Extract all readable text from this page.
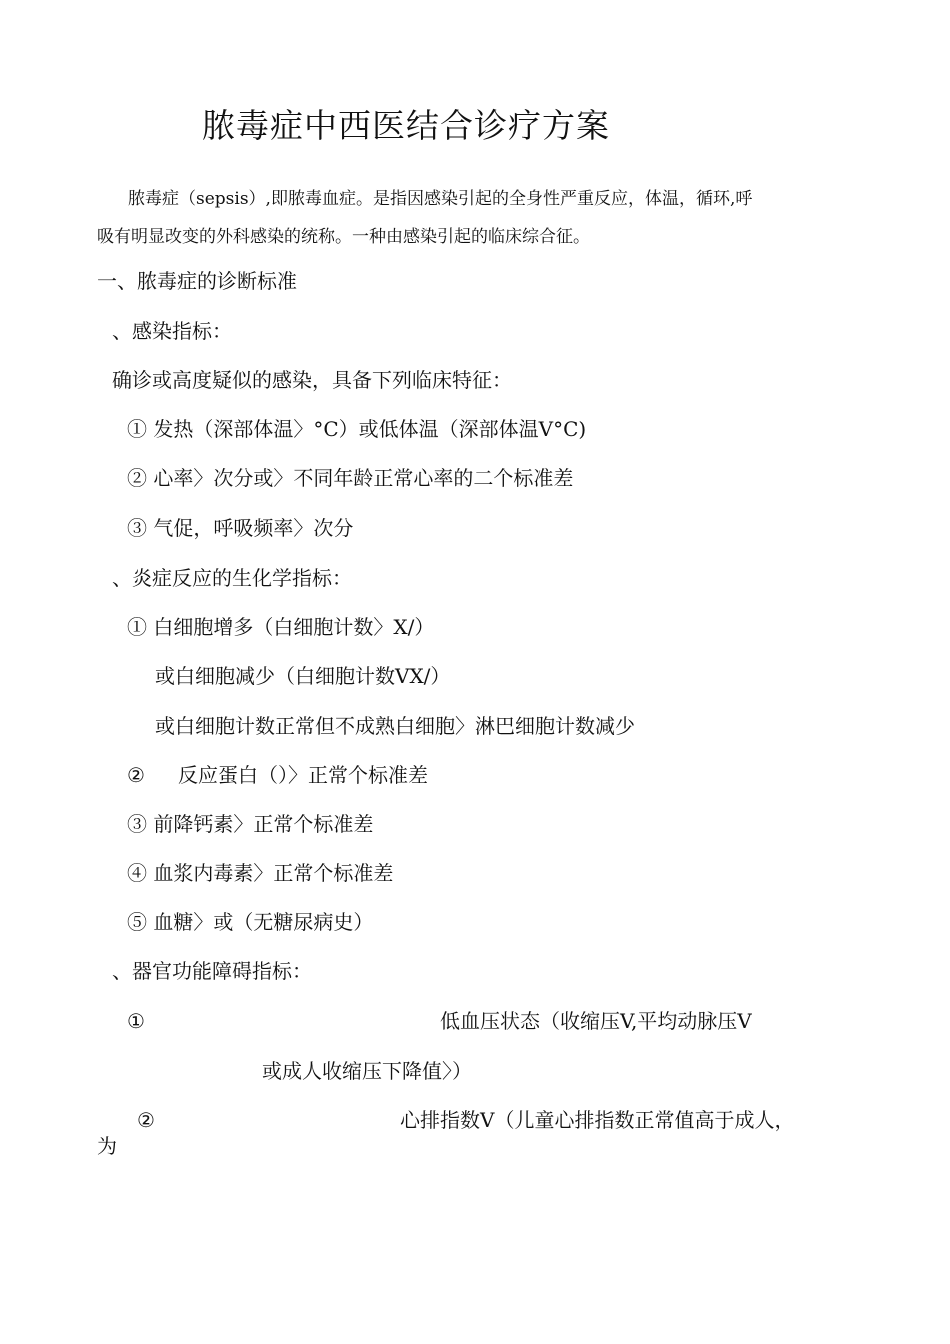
脓毒症中西医结合诊疗方案
脓毒症（sepsis）,即脓毒血症。是指因感染引起的全身性严重反应，体温，循环,呼
吸有明显改变的外科感染的统称。一种由感染引起的临床综合征。
一、脓毒症的诊断标准
、感染指标：
确诊或高度疑似的感染，具备下列临床特征：
① 发热（深部体温〉°C）或低体温（深部体温V°C)
② 心率〉次分或〉不同年龄正常心率的二个标准差
③ 气促，呼吸频率〉次分
、炎症反应的生化学指标：
① 白细胞增多（白细胞计数〉X/）
或白细胞减少（白细胞计数VX/）
或白细胞计数正常但不成熟白细胞〉淋巴细胞计数减少
② 反应蛋白（）〉正常个标准差
③ 前降钙素〉正常个标准差
④ 血浆内毒素〉正常个标准差
⑤ 血糖〉或（无糖尿病史）
、器官功能障碍指标：
①	低血压状态（收缩压V,平均动脉压V
或成人收缩压下降值〉）
②	心排指数V（儿童心排指数正常值高于成人，
为
